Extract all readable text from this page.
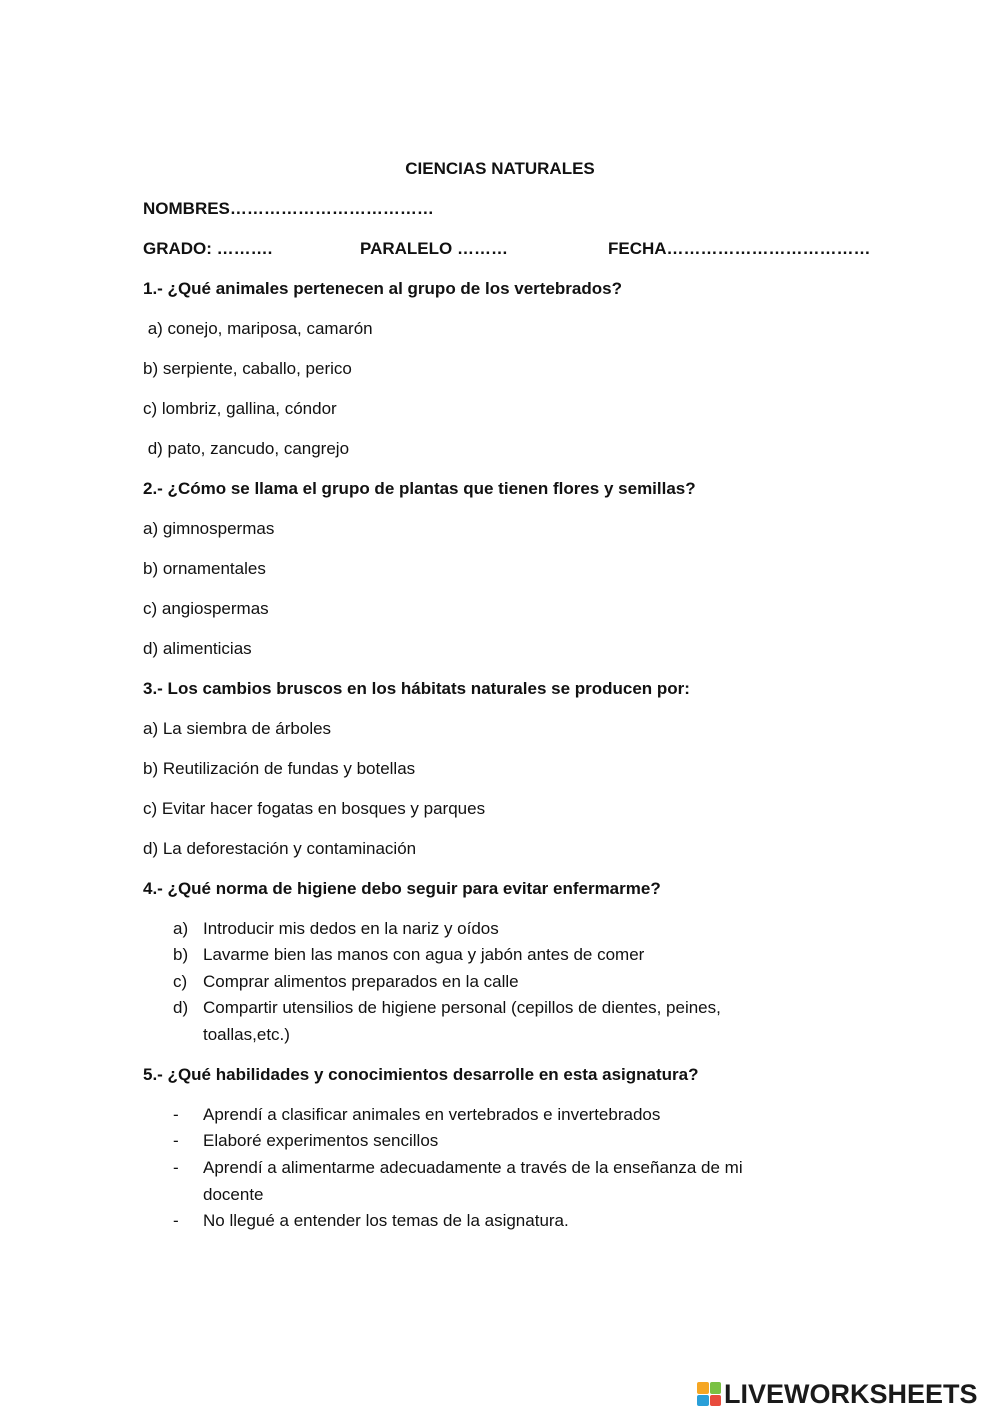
CIENCIAS NATURALES
NOMBRES………………………………
GRADO: ……….	PARALELO ………	FECHA………………………………
1.- ¿Qué animales pertenecen al grupo de los vertebrados?
a) conejo, mariposa, camarón
b) serpiente, caballo, perico
c) lombriz, gallina, cóndor
d) pato, zancudo, cangrejo
2.- ¿Cómo se llama el grupo de plantas que tienen flores y semillas?
a) gimnospermas
b) ornamentales
c) angiospermas
d) alimenticias
3.- Los cambios bruscos en los hábitats naturales se producen por:
a) La siembra de árboles
b) Reutilización de fundas y botellas
c) Evitar hacer fogatas en bosques y parques
d) La deforestación y contaminación
4.- ¿Qué norma de higiene debo seguir para evitar enfermarme?
a) Introducir mis dedos en la nariz y oídos
b) Lavarme bien las manos con agua y jabón antes de comer
c) Comprar alimentos preparados en la calle
d) Compartir utensilios de higiene personal (cepillos de dientes, peines, toallas,etc.)
5.- ¿Qué habilidades y conocimientos desarrolle en esta asignatura?
-	Aprendí a clasificar animales en vertebrados e invertebrados
-	Elaboré experimentos sencillos
-	Aprendí a alimentarme adecuadamente a través de la enseñanza de mi docente
-	No llegué a entender los temas de la asignatura.
LIVEWORKSHEETS
